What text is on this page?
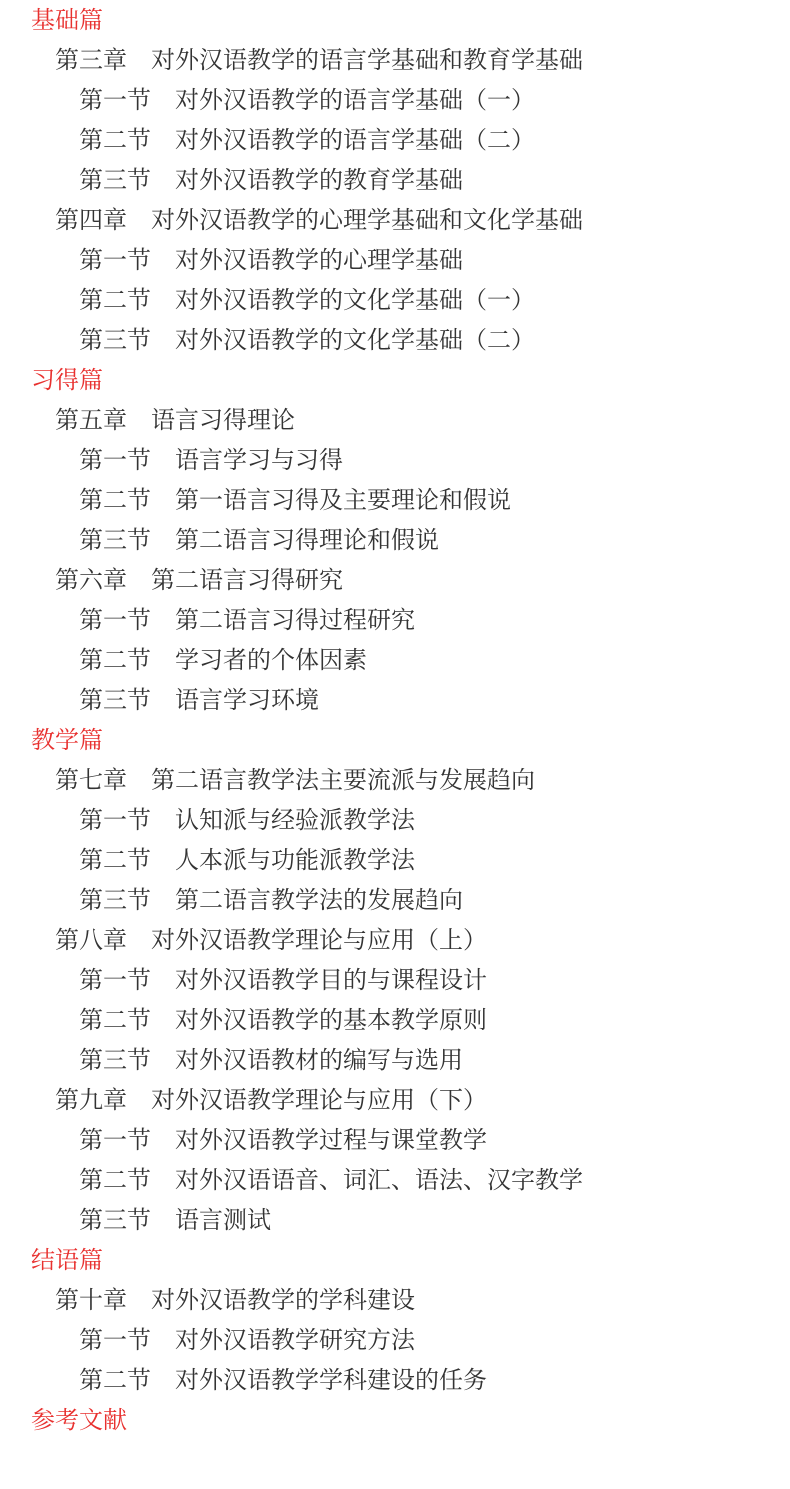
基础篇
第三章 对外汉语教学的语言学基础和教育学基础
第一节 对外汉语教学的语言学基础（一）
第二节 对外汉语教学的语言学基础（二）
第三节 对外汉语教学的教育学基础
第四章 对外汉语教学的心理学基础和文化学基础
第一节 对外汉语教学的心理学基础
第二节 对外汉语教学的文化学基础（一）
第三节 对外汉语教学的文化学基础（二）
习得篇
第五章 语言习得理论
第一节 语言学习与习得
第二节 第一语言习得及主要理论和假说
第三节 第二语言习得理论和假说
第六章 第二语言习得研究
第一节 第二语言习得过程研究
第二节 学习者的个体因素
第三节 语言学习环境
教学篇
第七章 第二语言教学法主要流派与发展趋向
第一节 认知派与经验派教学法
第二节 人本派与功能派教学法
第三节 第二语言教学法的发展趋向
第八章 对外汉语教学理论与应用（上）
第一节 对外汉语教学目的与课程设计
第二节 对外汉语教学的基本教学原则
第三节 对外汉语教材的编写与选用
第九章 对外汉语教学理论与应用（下）
第一节 对外汉语教学过程与课堂教学
第二节 对外汉语语音、词汇、语法、汉字教学
第三节 语言测试
结语篇
第十章 对外汉语教学的学科建设
第一节 对外汉语教学研究方法
第二节 对外汉语教学学科建设的任务
参考文献
